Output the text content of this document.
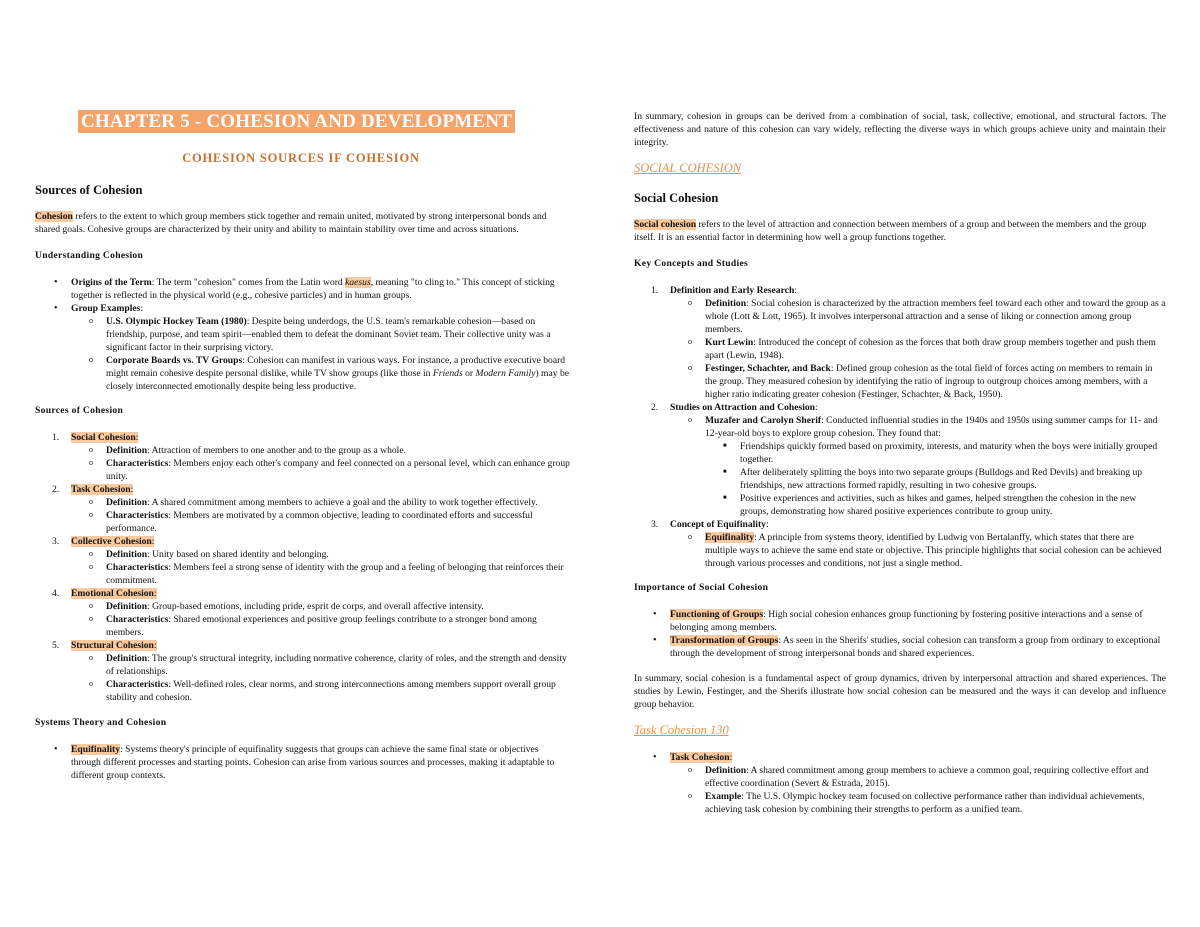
CHAPTER 5 - COHESION AND DEVELOPMENT
COHESION SOURCES IF COHESION
Sources of Cohesion

Cohesion refers to the extent to which group members stick together and remain united, motivated by strong interpersonal bonds and shared goals. Cohesive groups are characterized by their unity and ability to maintain stability over time and across situations.

Understanding Cohesion
• Origins of the Term: The term "cohesion" comes from the Latin word kaesus, meaning "to cling to." This concept of sticking together is reflected in the physical world (e.g., cohesive particles) and in human groups.
• Group Examples:
o U.S. Olympic Hockey Team (1980): Despite being underdogs, the U.S. team's remarkable cohesion—based on friendship, purpose, and team spirit—enabled them to defeat the dominant Soviet team. Their collective unity was a significant factor in their surprising victory.
o Corporate Boards vs. TV Groups: Cohesion can manifest in various ways. For instance, a productive executive board might remain cohesive despite personal dislike, while TV show groups (like those in Friends or Modern Family) may be closely interconnected emotionally despite being less productive.
Sources of Cohesion
1. Social Cohesion:
o Definition: Attraction of members to one another and to the group as a whole.
o Characteristics: Members enjoy each other's company and feel connected on a personal level, which can enhance group unity.
2. Task Cohesion:
o Definition: A shared commitment among members to achieve a goal and the ability to work together effectively.
o Characteristics: Members are motivated by a common objective, leading to coordinated efforts and successful performance.
3. Collective Cohesion:
o Definition: Unity based on shared identity and belonging.
o Characteristics: Members feel a strong sense of identity with the group and a feeling of belonging that reinforces their commitment.
4. Emotional Cohesion:
o Definition: Group-based emotions, including pride, esprit de corps, and overall affective intensity.
o Characteristics: Shared emotional experiences and positive group feelings contribute to a stronger bond among members.
5. Structural Cohesion:
o Definition: The group's structural integrity, including normative coherence, clarity of roles, and the strength and density of relationships.
o Characteristics: Well-defined roles, clear norms, and strong interconnections among members support overall group stability and cohesion.
Systems Theory and Cohesion
• Equifinality: Systems theory's principle of equifinality suggests that groups can achieve the same final state or objectives through different processes and starting points. Cohesion can arise from various sources and processes, making it adaptable to different group contexts.

In summary, cohesion in groups can be derived from a combination of social, task, collective, emotional, and structural factors. The effectiveness and nature of this cohesion can vary widely, reflecting the diverse ways in which groups achieve unity and maintain their integrity.

SOCIAL COHESION
Social Cohesion

Social cohesion refers to the level of attraction and connection between members of a group and between the members and the group itself. It is an essential factor in determining how well a group functions together.

Key Concepts and Studies
1. Definition and Early Research:
o Definition: Social cohesion is characterized by the attraction members feel toward each other and toward the group as a whole (Lott & Lott, 1965). It involves interpersonal attraction and a sense of liking or connection among group members.
o Kurt Lewin: Introduced the concept of cohesion as the forces that both draw group members together and push them apart (Lewin, 1948).
o Festinger, Schachter, and Back: Defined group cohesion as the total field of forces acting on members to remain in the group. They measured cohesion by identifying the ratio of ingroup to outgroup choices among members, with a higher ratio indicating greater cohesion (Festinger, Schachter, & Back, 1950).
2. Studies on Attraction and Cohesion:
o Muzafer and Carolyn Sherif: Conducted influential studies in the 1940s and 1950s using summer camps for 11- and 12-year-old boys to explore group cohesion. They found that:
■ Friendships quickly formed based on proximity, interests, and maturity when the boys were initially grouped together.
■ After deliberately splitting the boys into two separate groups (Bulldogs and Red Devils) and breaking up friendships, new attractions formed rapidly, resulting in two cohesive groups.
■ Positive experiences and activities, such as hikes and games, helped strengthen the cohesion in the new groups, demonstrating how shared positive experiences contribute to group unity.
3. Concept of Equifinality:
o Equifinality: A principle from systems theory, identified by Ludwig von Bertalanffy, which states that there are multiple ways to achieve the same end state or objective. This principle highlights that social cohesion can be achieved through various processes and conditions, not just a single method.
Importance of Social Cohesion
• Functioning of Groups: High social cohesion enhances group functioning by fostering positive interactions and a sense of belonging among members.
• Transformation of Groups: As seen in the Sherifs' studies, social cohesion can transform a group from ordinary to exceptional through the development of strong interpersonal bonds and shared experiences.

In summary, social cohesion is a fundamental aspect of group dynamics, driven by interpersonal attraction and shared experiences. The studies by Lewin, Festinger, and the Sherifs illustrate how social cohesion can be measured and the ways it can develop and influence group behavior.

Task Cohesion 130
• Task Cohesion:
o Definition: A shared commitment among group members to achieve a common goal, requiring collective effort and effective coordination (Severt & Estrada, 2015).
o Example: The U.S. Olympic hockey team focused on collective performance rather than individual achievements, achieving task cohesion by combining their strengths to perform as a unified team.
